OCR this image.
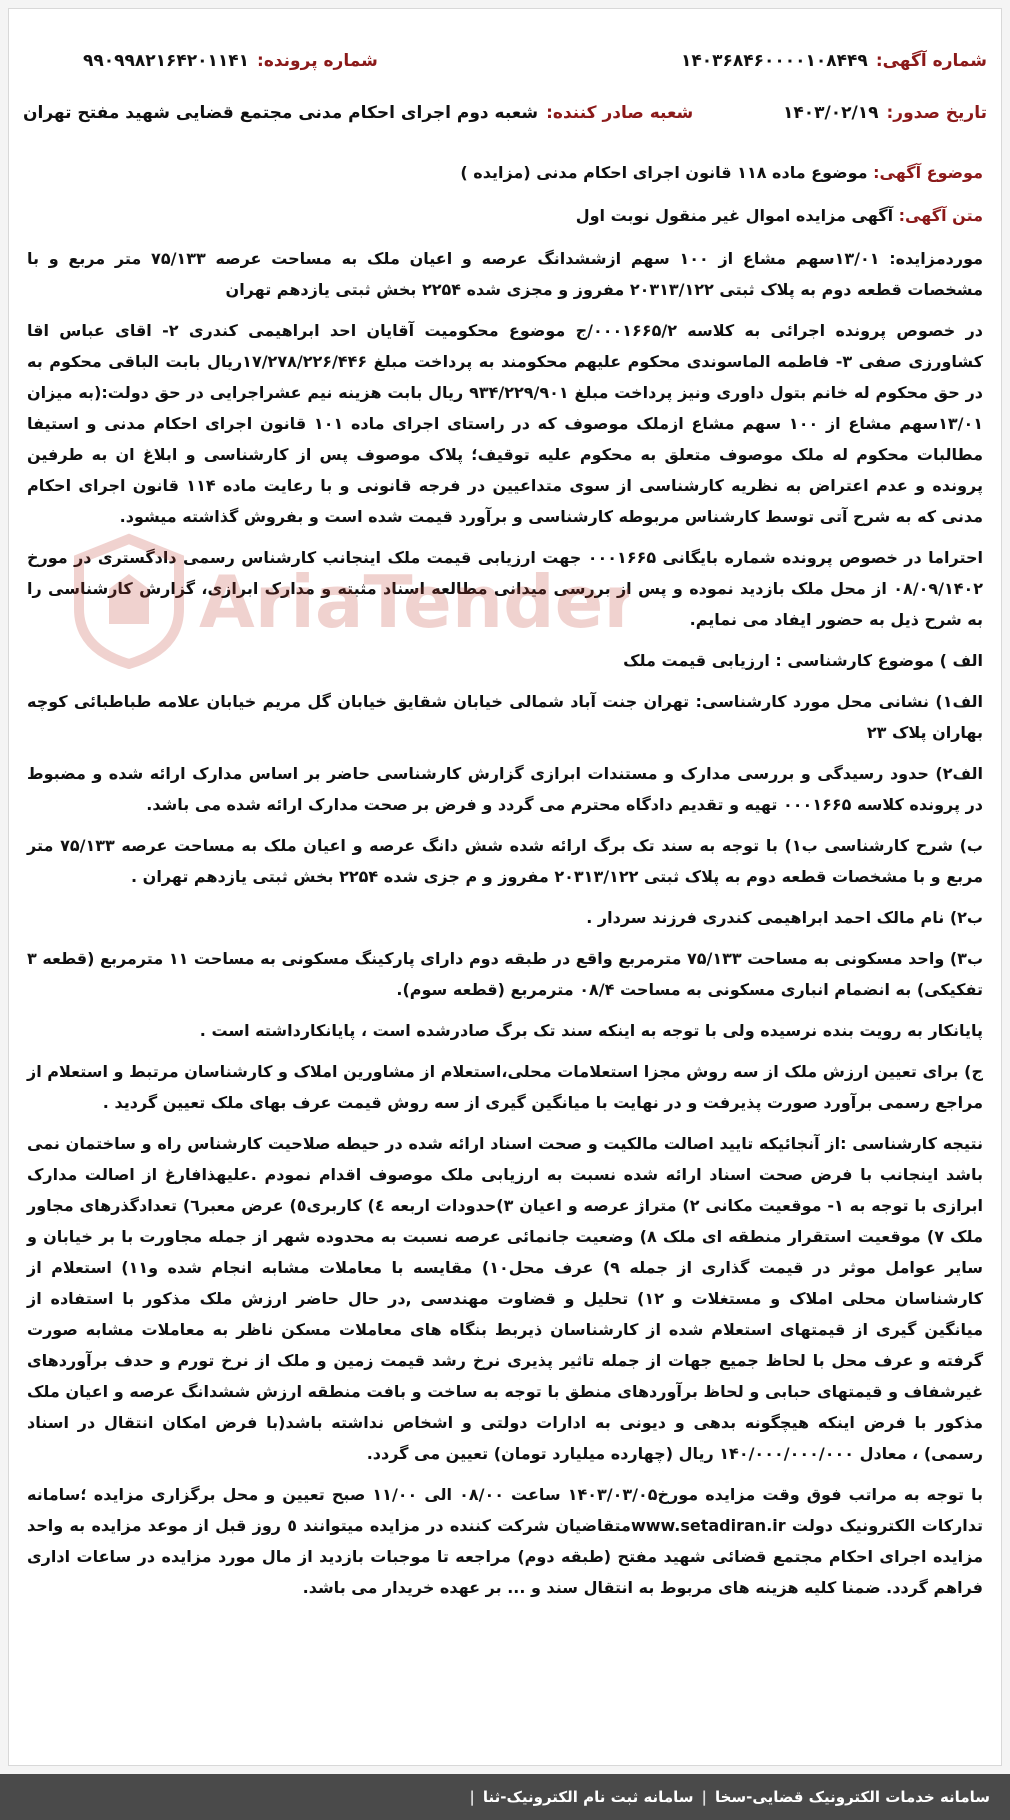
شماره آگهی:
۱۴۰۳۶۸۴۶۰۰۰۰۱۰۸۴۴۹
شماره پرونده:
۹۹۰۹۹۸۲۱۶۴۲۰۱۱۴۱
تاریخ صدور:
۱۴۰۳/۰۲/۱۹
شعبه صادر کننده:
شعبه دوم اجرای احکام مدنی مجتمع قضایی شهید مفتح تهران

موضوع آگهی: موضوع ماده ۱۱۸ قانون اجرای احکام مدنی (مزایده )

متن آگهی: آگهی مزایده اموال غیر منقول نوبت اول

موردمزایده: ۱۳/۰۱سهم مشاع از ۱۰۰ سهم ازششدانگ عرصه و اعیان ملک به مساحت عرصه ۷۵/۱۳۳ متر مربع و با مشخصات قطعه دوم به پلاک ثبتی ۲۰۳۱۳/۱۲۲ مفروز و مجزی شده ۲۲۵۴ بخش ثبتی یازدهم تهران

در خصوص پرونده اجرائی به کلاسه ۰۰۰۱۶۶۵/۲/ج موضوع محکومیت آقایان احد ابراهیمی کندری ۲- اقای عباس اقا کشاورزی صفی ۳- فاطمه الماسوندی محکوم علیهم محکومند به پرداخت مبلغ ۱۷/۲۷۸/۲۲۶/۴۴۶ریال بابت الباقی محکوم به در حق محکوم له خانم بتول داوری ونیز پرداخت مبلغ ۹۳۴/۲۲۹/۹۰۱ ریال بابت هزینه نیم عشراجرایی در حق دولت:(به میزان ۱۳/۰۱سهم مشاع از ۱۰۰ سهم مشاع ازملک موصوف که در راستای اجرای ماده ۱۰۱ قانون اجرای احکام مدنی و استیفا مطالبات محکوم له ملک موصوف متعلق به محکوم علیه توقیف؛ پلاک موصوف پس از کارشناسی و ابلاغ ان به طرفین پرونده و عدم اعتراض به نظریه کارشناسی از سوی متداعیین در فرجه قانونی و با رعایت ماده ۱۱۴ قانون اجرای احکام مدنی که به شرح آتی توسط کارشناس مربوطه کارشناسی و برآورد قیمت شده است و بفروش گذاشته میشود.

احتراما در خصوص پرونده شماره بایگانی ۰۰۰۱۶۶۵ جهت ارزیابی قیمت ملک اینجانب کارشناس رسمی دادگستری در مورخ ۰۸/۰۹/۱۴۰۲ از محل ملک بازدید نموده و پس از بررسی میدانی مطالعه اسناد مثبته و مدارک ابرازی، گزارش کارشناسی را به شرح ذیل به حضور ایفاد می نمایم.

الف ) موضوع کارشناسی : ارزیابی قیمت ملک

الف۱) نشانی محل مورد کارشناسی: تهران جنت آباد شمالی خیابان شقایق خیابان گل مریم خیابان علامه طباطبائی کوچه بهاران پلاک ۲۳

الف۲) حدود رسیدگی و بررسی مدارک و مستندات ابرازی گزارش کارشناسی حاضر بر اساس مدارک ارائه شده و مضبوط در پرونده کلاسه ۰۰۰۱۶۶۵ تهیه و تقدیم دادگاه محترم می گردد و فرض بر صحت مدارک ارائه شده می باشد.

ب) شرح کارشناسی ب۱) با توجه به سند تک برگ ارائه شده شش دانگ عرصه و اعیان ملک به مساحت عرصه ۷۵/۱۳۳ متر مربع و با مشخصات قطعه دوم به پلاک ثبتی ۲۰۳۱۳/۱۲۲ مفروز و م جزی شده ۲۲۵۴ بخش ثبتی یازدهم تهران .

ب۲) نام مالک احمد ابراهیمی کندری فرزند سردار .

ب۳) واحد مسکونی به مساحت ۷۵/۱۳۳ مترمربع واقع در طبقه دوم دارای پارکینگ مسکونی به مساحت ۱۱ مترمربع (قطعه ۳ تفکیکی) به انضمام انباری مسکونی به مساحت ۰۸/۴ مترمربع (قطعه سوم).

پایانکار به رویت بنده نرسیده ولی با توجه به اینکه سند تک برگ صادرشده است ، پایانکارداشته است .

ج) برای تعیین ارزش ملک از سه روش مجزا استعلامات محلی،استعلام از مشاورین املاک و کارشناسان مرتبط و استعلام از مراجع رسمی برآورد صورت پذیرفت و در نهایت با میانگین گیری از سه روش قیمت عرف بهای ملک تعیین گردید .

نتیجه کارشناسی :از آنجائیکه تایید اصالت مالکیت و صحت اسناد ارائه شده در حیطه صلاحیت کارشناس راه و ساختمان نمی باشد اینجانب با فرض صحت اسناد ارائه شده نسبت به ارزیابی ملک موصوف اقدام نمودم .علیهذافارغ از اصالت مدارک ابرازی با توجه به ۱- موقعیت مکانی ۲) متراژ عرصه و اعیان ۳)حدودات اربعه ٤) کاربری٥) عرض معبر٦) تعدادگذرهای مجاور ملک ۷) موقعیت استقرار منطقه ای ملک ۸) وضعیت جانمائی عرصه نسبت به محدوده شهر از جمله مجاورت با بر خیابان و سایر عوامل موثر در قیمت گذاری از جمله ۹) عرف محل۱۰) مقایسه با معاملات مشابه انجام شده و۱۱) استعلام از کارشناسان محلی املاک و مستغلات و ۱۲) تحلیل و قضاوت مهندسی ,در حال حاضر ارزش ملک مذکور با استفاده از میانگین گیری از قیمتهای استعلام شده از کارشناسان ذیربط بنگاه های معاملات مسکن ناظر به معاملات مشابه صورت گرفته و عرف محل با لحاظ جمیع جهات از جمله تاثیر پذیری نرخ رشد قیمت زمین و ملک از نرخ تورم و حدف برآوردهای غیرشفاف و قیمتهای حبابی و لحاظ برآوردهای منطق با توجه به ساخت و بافت منطقه ارزش ششدانگ عرصه و اعیان ملک مذکور با فرض اینکه هیچگونه بدهی و دیونی به ادارات دولتی و اشخاص نداشته باشد(با فرض امکان انتقال در اسناد رسمی) ، معادل ۱۴۰/۰۰۰/۰۰۰/۰۰۰ ریال (چهارده میلیارد تومان) تعیین می گردد.

با توجه به مراتب فوق وقت مزایده مورخ۱۴۰۳/۰۳/۰۵ ساعت ۰۸/۰۰ الی ۱۱/۰۰ صبح تعیین و محل برگزاری مزایده ؛سامانه تدارکات الکترونیک دولت www.setadiran.irمتقاضیان شرکت کننده در مزایده میتوانند ٥ روز قبل از موعد مزایده به واحد مزایده اجرای احکام مجتمع قضائی شهید مفتح (طبقه دوم) مراجعه تا موجبات بازدید از مال مورد مزایده در ساعات اداری فراهم گردد. ضمنا کلیه هزینه های مربوط به انتقال سند و ... بر عهده خریدار می باشد.

AriaTender
سامانه خدمات الکترونیک قضایی-سخا
|
سامانه ثبت نام الکترونیک-ثنا
|
